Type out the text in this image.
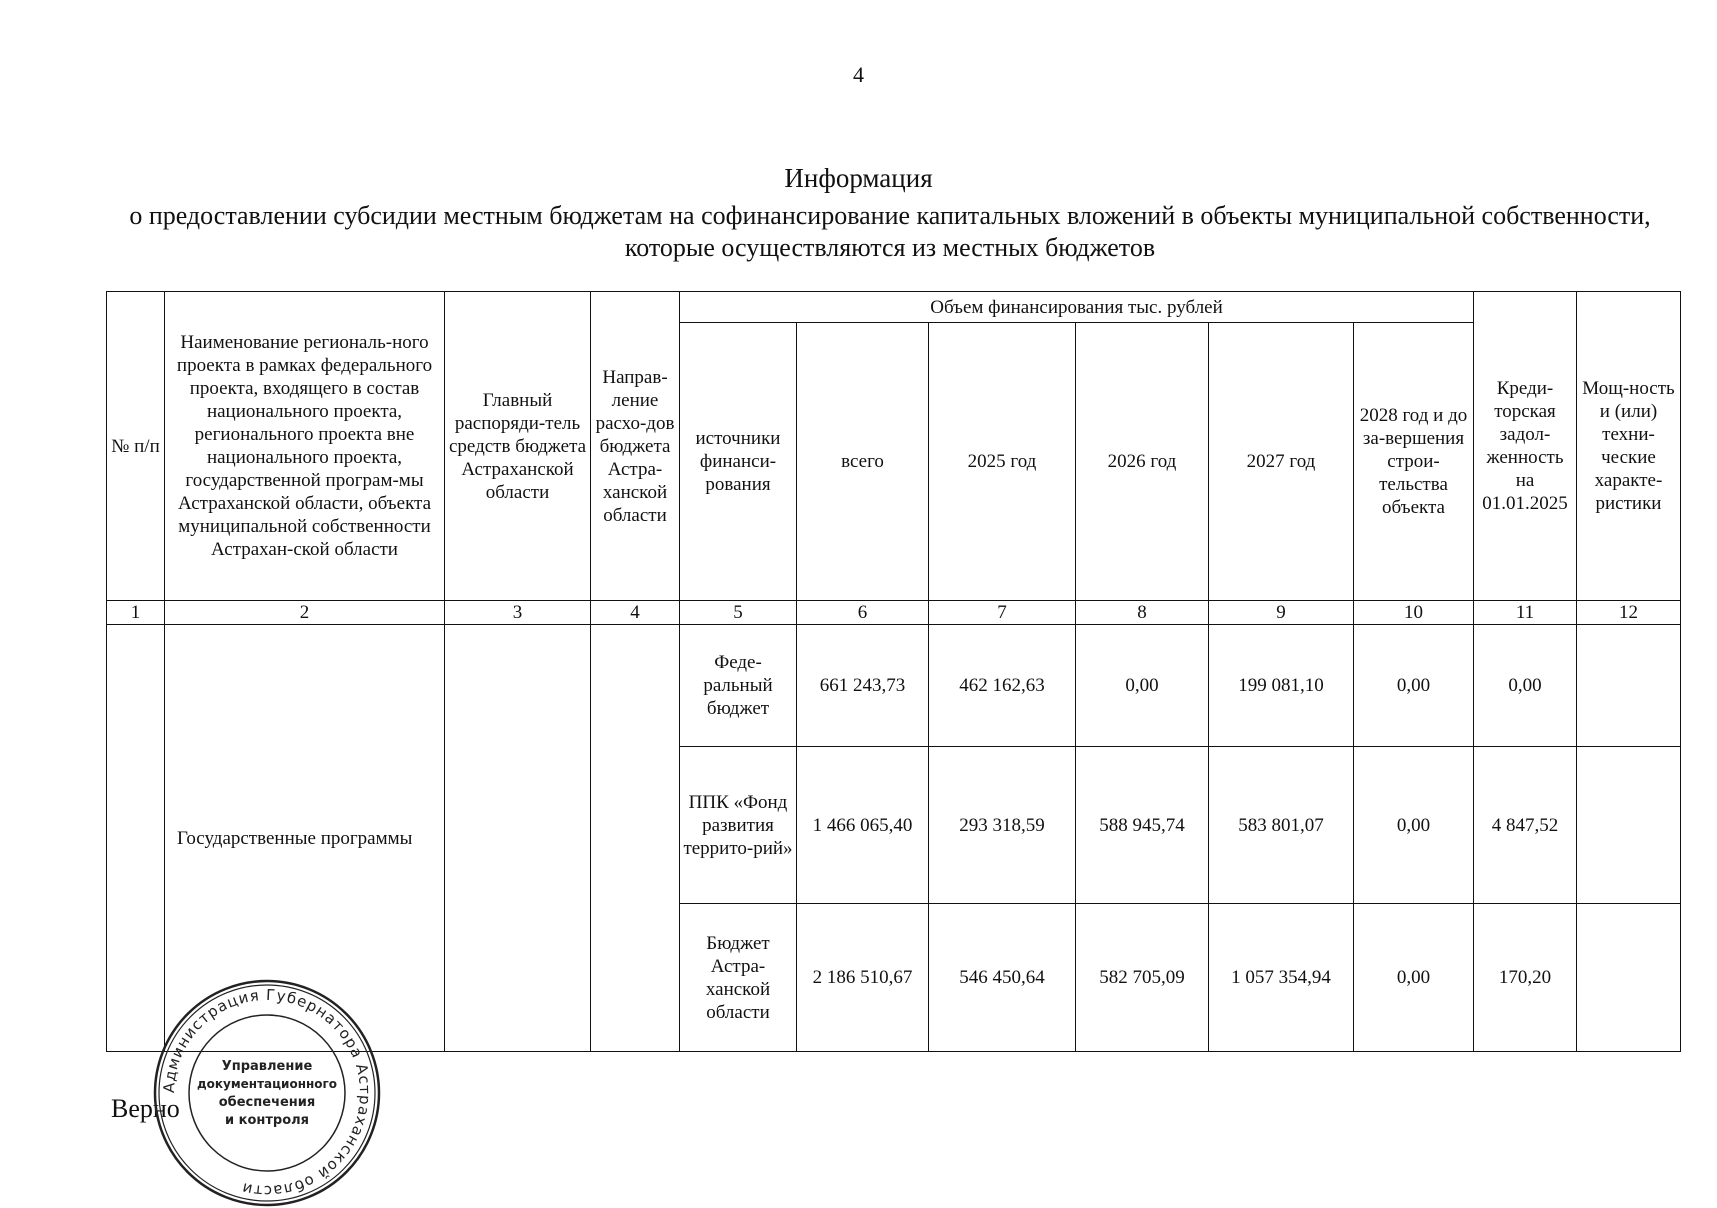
4
Информация
о предоставлении субсидии местным бюджетам на софинансирование капитальных вложений в объекты муниципальной собственности, которые осуществляются из местных бюджетов
№ п/п	Наименование региональ-ного проекта в рамках федерального проекта, входящего в состав национального проекта, регионального проекта вне национального проекта, государственной програм-мы Астраханской области, объекта муниципальной собственности Астрахан-ской области	Главный распоряди-тель средств бюджета Астраханской области	Направ-ление расхо-дов бюджета Астра-ханской области	Объем финансирования тыс. рублей						Креди-торская задол-женность на 01.01.2025	Мощ-ность и (или) техни-ческие характе-ристики
				источники финанси-рования	всего	2025 год	2026 год	2027 год	2028 год и до за-вершения строи-тельства объекта		
1	2	3	4	5	6	7	8	9	10	11	12
	Государственные программы			Феде-ральный бюджет	661 243,73	462 162,63	0,00	199 081,10	0,00	0,00	
				ППК «Фонд развития террито-рий»	1 466 065,40	293 318,59	588 945,74	583 801,07	0,00	4 847,52	
				Бюджет Астра-ханской области	2 186 510,67	546 450,64	582 705,09	1 057 354,94	0,00	170,20	
Верно
Администрация Губернатора Астраханской области
Управление
документационного
обеспечения
и контроля
